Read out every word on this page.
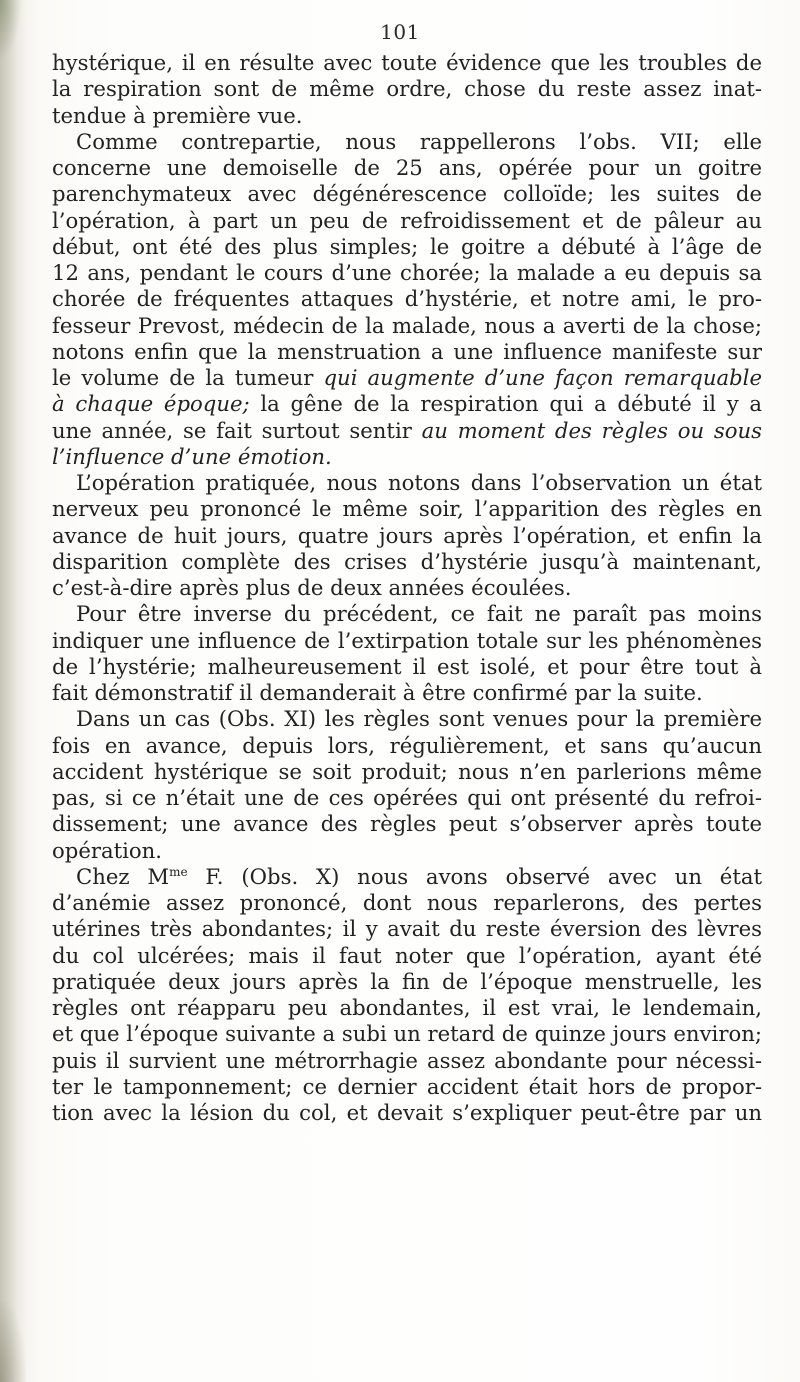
101
hystérique, il en résulte avec toute évidence que les troubles de
la respiration sont de même ordre, chose du reste assez inat-
tendue à première vue.
Comme contrepartie, nous rappellerons l’obs. VII; elle
concerne une demoiselle de 25 ans, opérée pour un goitre
parenchymateux avec dégénérescence colloïde; les suites de
l’opération, à part un peu de refroidissement et de pâleur au
début, ont été des plus simples; le goitre a débuté à l’âge de
12 ans, pendant le cours d’une chorée; la malade a eu depuis sa
chorée de fréquentes attaques d’hystérie, et notre ami, le pro-
fesseur Prevost, médecin de la malade, nous a averti de la chose;
notons enfin que la menstruation a une influence manifeste sur
le volume de la tumeur qui augmente d’une façon remarquable
à chaque époque; la gêne de la respiration qui a débuté il y a
une année, se fait surtout sentir au moment des règles ou sous
l’influence d’une émotion.
L’opération pratiquée, nous notons dans l’observation un état
nerveux peu prononcé le même soir, l’apparition des règles en
avance de huit jours, quatre jours après l’opération, et enfin la
disparition complète des crises d’hystérie jusqu’à maintenant,
c’est-à-dire après plus de deux années écoulées.
Pour être inverse du précédent, ce fait ne paraît pas moins
indiquer une influence de l’extirpation totale sur les phénomènes
de l’hystérie; malheureusement il est isolé, et pour être tout à
fait démonstratif il demanderait à être confirmé par la suite.
Dans un cas (Obs. XI) les règles sont venues pour la première
fois en avance, depuis lors, régulièrement, et sans qu’aucun
accident hystérique se soit produit; nous n’en parlerions même
pas, si ce n’était une de ces opérées qui ont présenté du refroi-
dissement; une avance des règles peut s’observer après toute
opération.
Chez $M^{me}$ F. (Obs. X) nous avons observé avec un état
d’anémie assez prononcé, dont nous reparlerons, des pertes
utérines très abondantes; il y avait du reste éversion des lèvres
du col ulcérées; mais il faut noter que l’opération, ayant été
pratiquée deux jours après la fin de l’époque menstruelle, les
règles ont réapparu peu abondantes, il est vrai, le lendemain,
et que l’époque suivante a subi un retard de quinze jours environ;
puis il survient une métrorrhagie assez abondante pour nécessi-
ter le tamponnement; ce dernier accident était hors de propor-
tion avec la lésion du col, et devait s’expliquer peut-être par un
